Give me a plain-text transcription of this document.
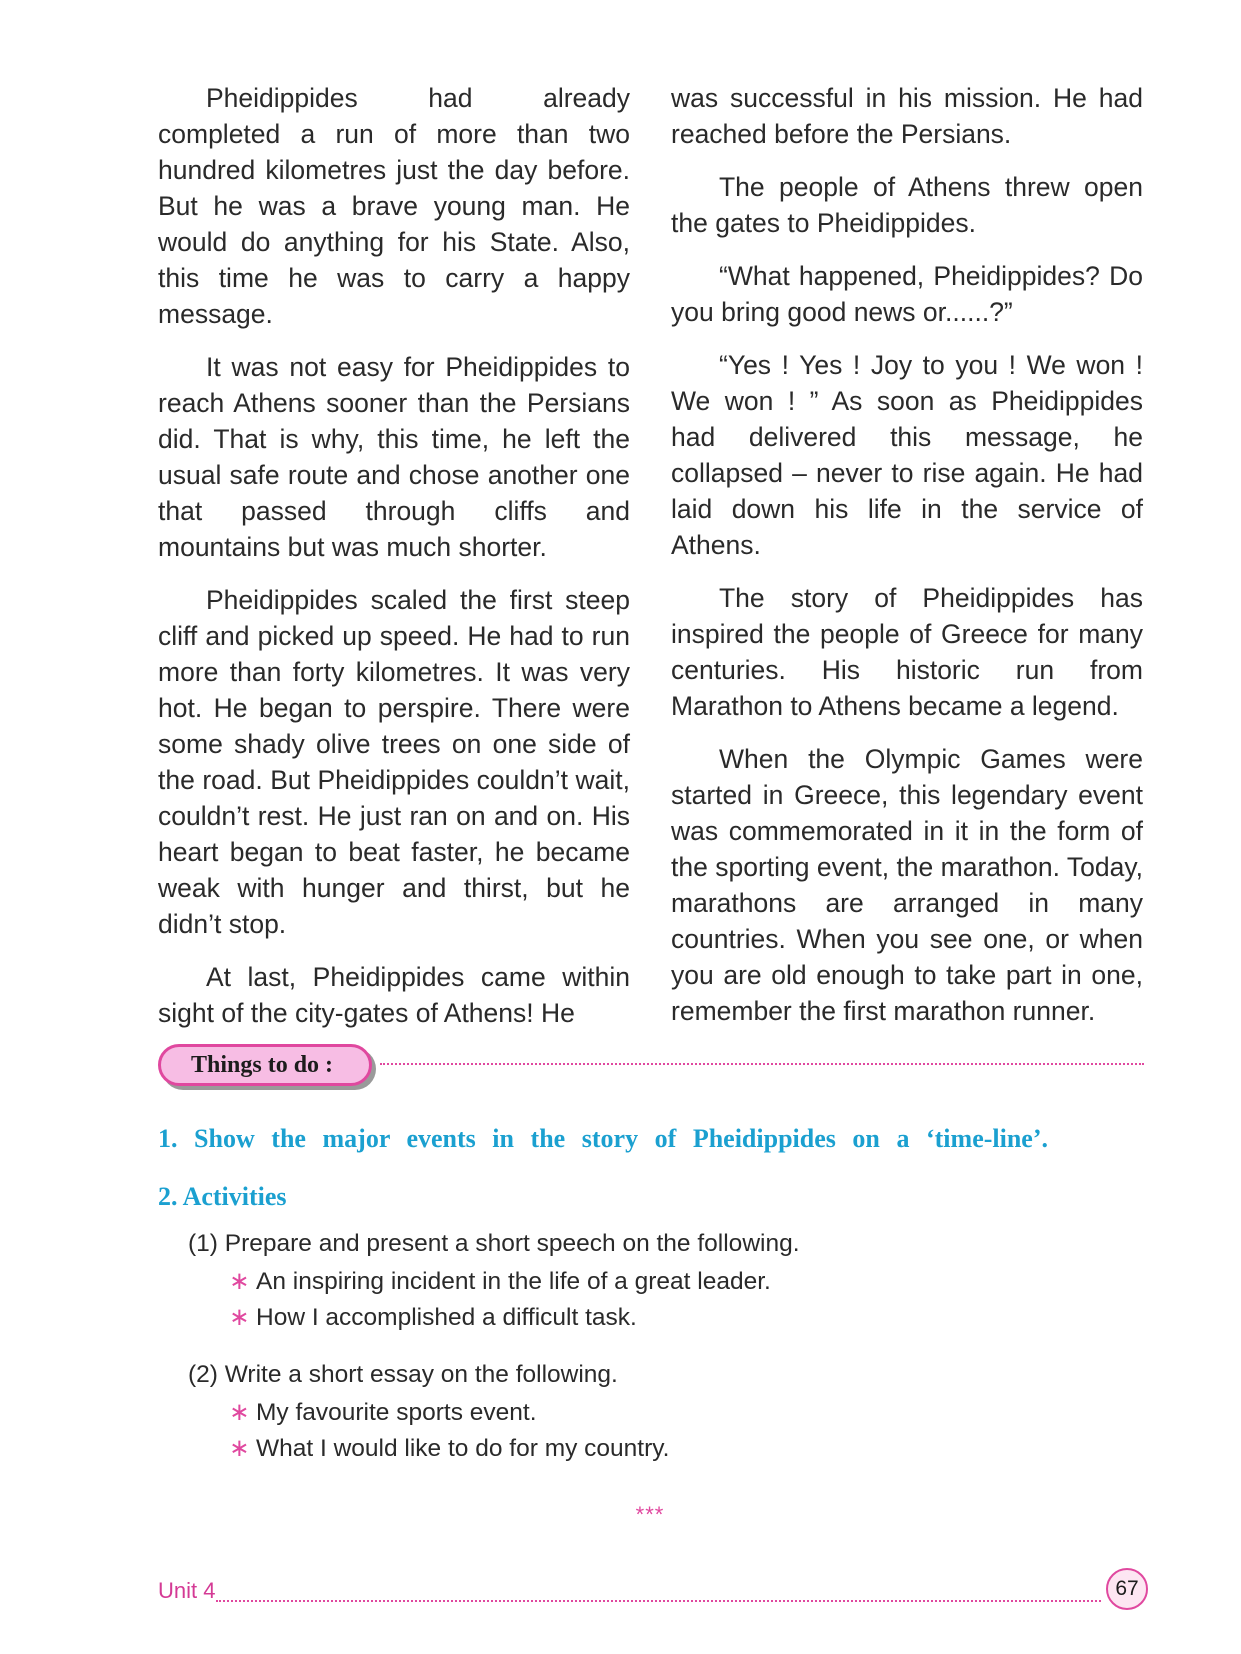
Pheidippides had already completed a run of more than two hundred kilometres just the day before. But he was a brave young man. He would do anything for his State. Also, this time he was to carry a happy message.

It was not easy for Pheidippides to reach Athens sooner than the Persians did. That is why, this time, he left the usual safe route and chose another one that passed through cliffs and mountains but was much shorter.

Pheidippides scaled the first steep cliff and picked up speed. He had to run more than forty kilometres. It was very hot. He began to perspire. There were some shady olive trees on one side of the road. But Pheidippides couldn’t wait, couldn’t rest. He just ran on and on. His heart began to beat faster, he became weak with hunger and thirst, but he didn’t stop.

At last, Pheidippides came within sight of the city-gates of Athens! He

was successful in his mission. He had reached before the Persians.

The people of Athens threw open the gates to Pheidippides.

“What happened, Pheidippides? Do you bring good news or......?”

“Yes ! Yes ! Joy to you ! We won ! We won ! ” As soon as Pheidippides had delivered this message, he collapsed – never to rise again. He had laid down his life in the service of Athens.

The story of Pheidippides has inspired the people of Greece for many centuries. His historic run from Marathon to Athens became a legend.

When the Olympic Games were started in Greece, this legendary event was commemorated in it in the form of the sporting event, the marathon. Today, marathons are arranged in many countries. When you see one, or when you are old enough to take part in one, remember the first marathon runner.

Things to do :
1. Show the major events in the story of Pheidippides on a ‘time-line’.
2. Activities
(1) Prepare and present a short speech on the following.
∗ An inspiring incident in the life of a great leader.
∗ How I accomplished a difficult task.
(2) Write a short essay on the following.
∗ My favourite sports event.
∗ What I would like to do for my country.
***
Unit 4	67
